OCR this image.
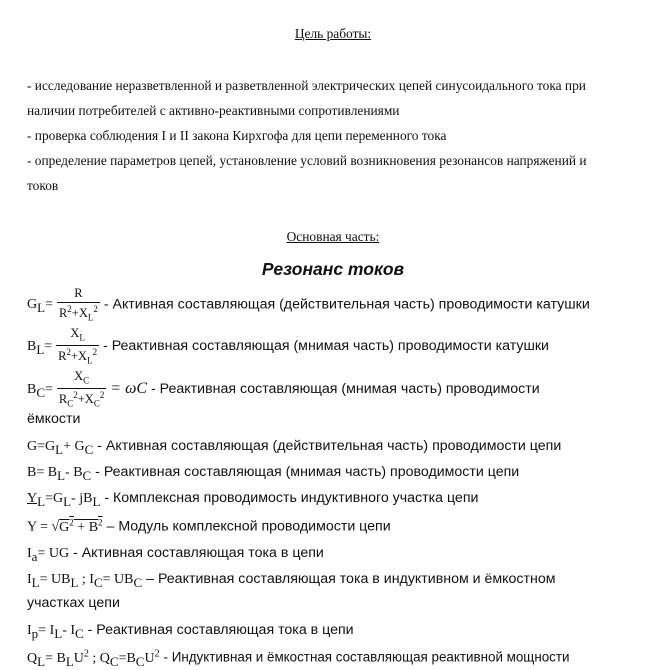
Цель работы:
- исследование неразветвленной и разветвленной электрических цепей синусоидального тока при
наличии потребителей с активно-реактивными сопротивлениями
- проверка соблюдения I и II закона Кирхгофа для цепи переменного тока
- определение параметров цепей, установление условий возникновения резонансов напряжений и
токов
Основная часть:
Резонанс токов
$G_L= \frac{R}{R^2+X_L^2}$ - Активная составляющая (действительная часть) проводимости катушки
$B_L= \frac{X_L}{R^2+X_L^2}$ - Реактивная составляющая (мнимая часть) проводимости катушки
$B_C= \frac{X_C}{R_C^2+X_C^2} = \omega C$ - Реактивная составляющая (мнимая часть) проводимости
ёмкости
$G=G_L+ G_C$ - Активная составляющая (действительная часть) проводимости цепи
$B= B_L-$ $B_C$ - Реактивная составляющая (мнимая часть) проводимости цепи
$Y_L=G_L-$ $jB_L$ - Комплексная проводимость индуктивного участка цепи
$Y = √G^2 + B^2$ – Модуль комплексной проводимости цепи
$I_a=$ UG - Активная составляющая тока в цепи
$I_L= UB_L$ ; $I_C= UB_C$ – Реактивная составляющая тока в индуктивном и ёмкостном
участках цепи
$I_p= I_L-$ $I_C$ - Реактивная составляющая тока в цепи
$Q_L= B_LU^2$ ; $Q_C=B_CU^2$ - Индуктивная и ёмкостная составляющая реактивной мощности
